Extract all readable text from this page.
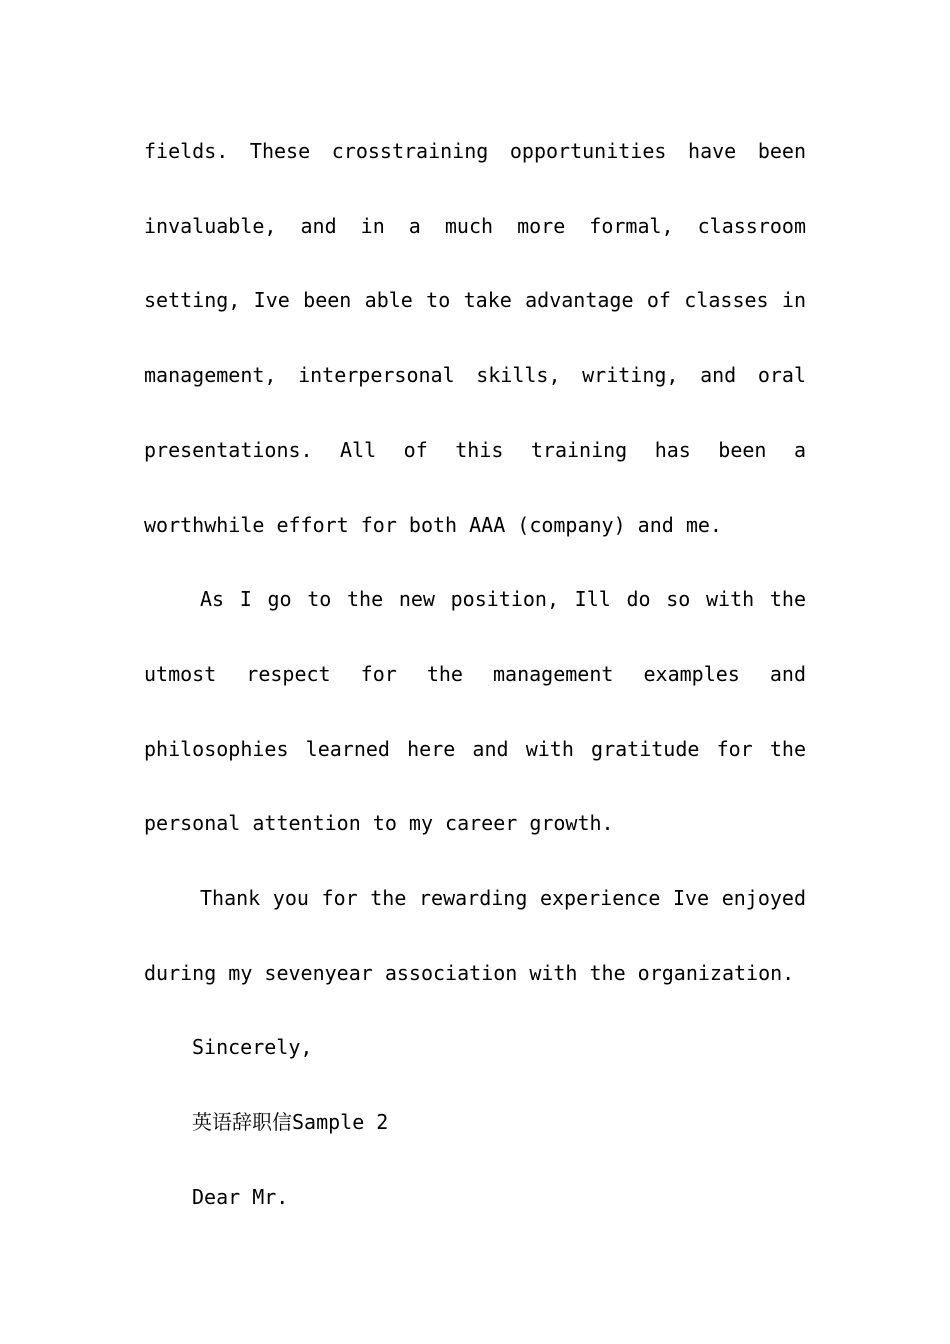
fields. These crosstraining opportunities have been invaluable, and in a much more formal, classroom setting, Ive been able to take advantage of classes in management, interpersonal skills, writing, and oral presentations. All of this training has been a worthwhile effort for both AAA (company) and me.

As I go to the new position, Ill do so with the utmost respect for the management examples and philosophies learned here and with gratitude for the personal attention to my career growth.

Thank you for the rewarding experience Ive enjoyed during my sevenyear association with the organization.

Sincerely,

英语辞职信Sample 2

Dear Mr.
